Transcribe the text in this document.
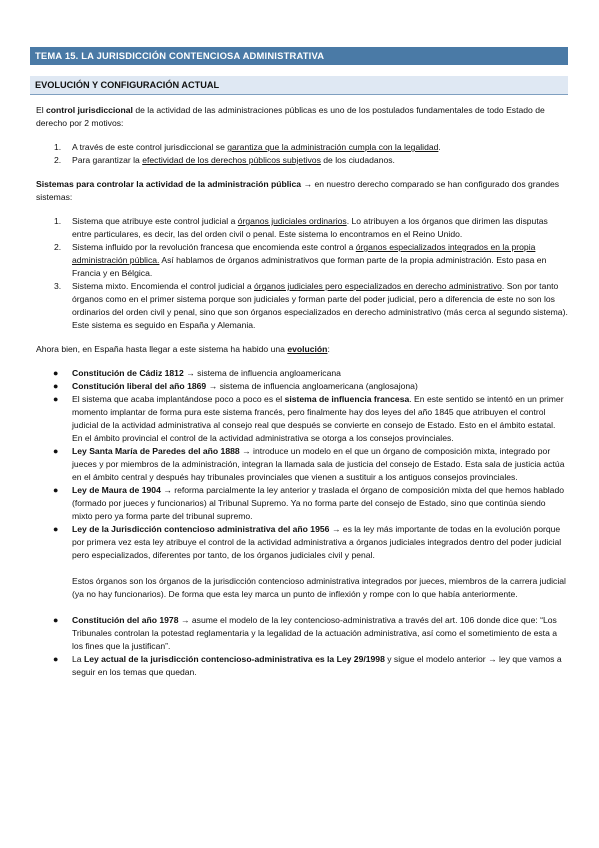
TEMA 15. LA JURISDICCIÓN CONTENCIOSA ADMINISTRATIVA
EVOLUCIÓN Y CONFIGURACIÓN ACTUAL

El control jurisdiccional de la actividad de las administraciones públicas es uno de los postulados fundamentales de todo Estado de derecho por 2 motivos:

1. A través de este control jurisdiccional se garantiza que la administración cumpla con la legalidad.
2. Para garantizar la efectividad de los derechos públicos subjetivos de los ciudadanos.

Sistemas para controlar la actividad de la administración pública → en nuestro derecho comparado se han configurado dos grandes sistemas:

1. Sistema que atribuye este control judicial a órganos judiciales ordinarios. Lo atribuyen a los órganos que dirimen las disputas entre particulares, es decir, las del orden civil o penal. Este sistema lo encontramos en el Reino Unido.
2. Sistema influido por la revolución francesa que encomienda este control a órganos especializados integrados en la propia administración pública. Así hablamos de órganos administrativos que forman parte de la propia administración. Esto pasa en Francia y en Bélgica.
3. Sistema mixto. Encomienda el control judicial a órganos judiciales pero especializados en derecho administrativo. Son por tanto órganos como en el primer sistema porque son judiciales y forman parte del poder judicial, pero a diferencia de este no son los ordinarios del orden civil y penal, sino que son órganos especializados en derecho administrativo (más cerca al segundo sistema). Este sistema es seguido en España y Alemania.

Ahora bien, en España hasta llegar a este sistema ha habido una evolución:

● Constitución de Cádiz 1812 → sistema de influencia angloamericana
● Constitución liberal del año 1869 → sistema de influencia angloamericana (anglosajona)
● El sistema que acaba implantándose poco a poco es el sistema de influencia francesa. En este sentido se intentó en un primer momento implantar de forma pura este sistema francés, pero finalmente hay dos leyes del año 1845 que atribuyen el control judicial de la actividad administrativa al consejo real que después se convierte en consejo de Estado. Esto en el ámbito estatal.
En el ámbito provincial el control de la actividad administrativa se otorga a los consejos provinciales.
● Ley Santa María de Paredes del año 1888 → introduce un modelo en el que un órgano de composición mixta, integrado por jueces y por miembros de la administración, integran la llamada sala de justicia del consejo de Estado. Esta sala de justicia actúa en el ámbito central y después hay tribunales provinciales que vienen a sustituir a los antiguos consejos provinciales.
● Ley de Maura de 1904 → reforma parcialmente la ley anterior y traslada el órgano de composición mixta del que hemos hablado (formado por jueces y funcionarios) al Tribunal Supremo. Ya no forma parte del consejo de Estado, sino que continúa siendo mixto pero ya forma parte del tribunal supremo.
● Ley de la Jurisdicción contencioso administrativa del año 1956 → es la ley más importante de todas en la evolución porque por primera vez esta ley atribuye el control de la actividad administrativa a órganos judiciales integrados dentro del poder judicial pero especializados, diferentes por tanto, de los órganos judiciales civil y penal.
Estos órganos son los órganos de la jurisdicción contencioso administrativa integrados por jueces, miembros de la carrera judicial (ya no hay funcionarios). De forma que esta ley marca un punto de inflexión y rompe con lo que había anteriormente.
● Constitución del año 1978 → asume el modelo de la ley contencioso-administrativa a través del art. 106 donde dice que: “Los Tribunales controlan la potestad reglamentaria y la legalidad de la actuación administrativa, así como el sometimiento de esta a los fines que la justifican”.
● La Ley actual de la jurisdicción contencioso-administrativa es la Ley 29/1998 y sigue el modelo anterior → ley que vamos a seguir en los temas que quedan.
